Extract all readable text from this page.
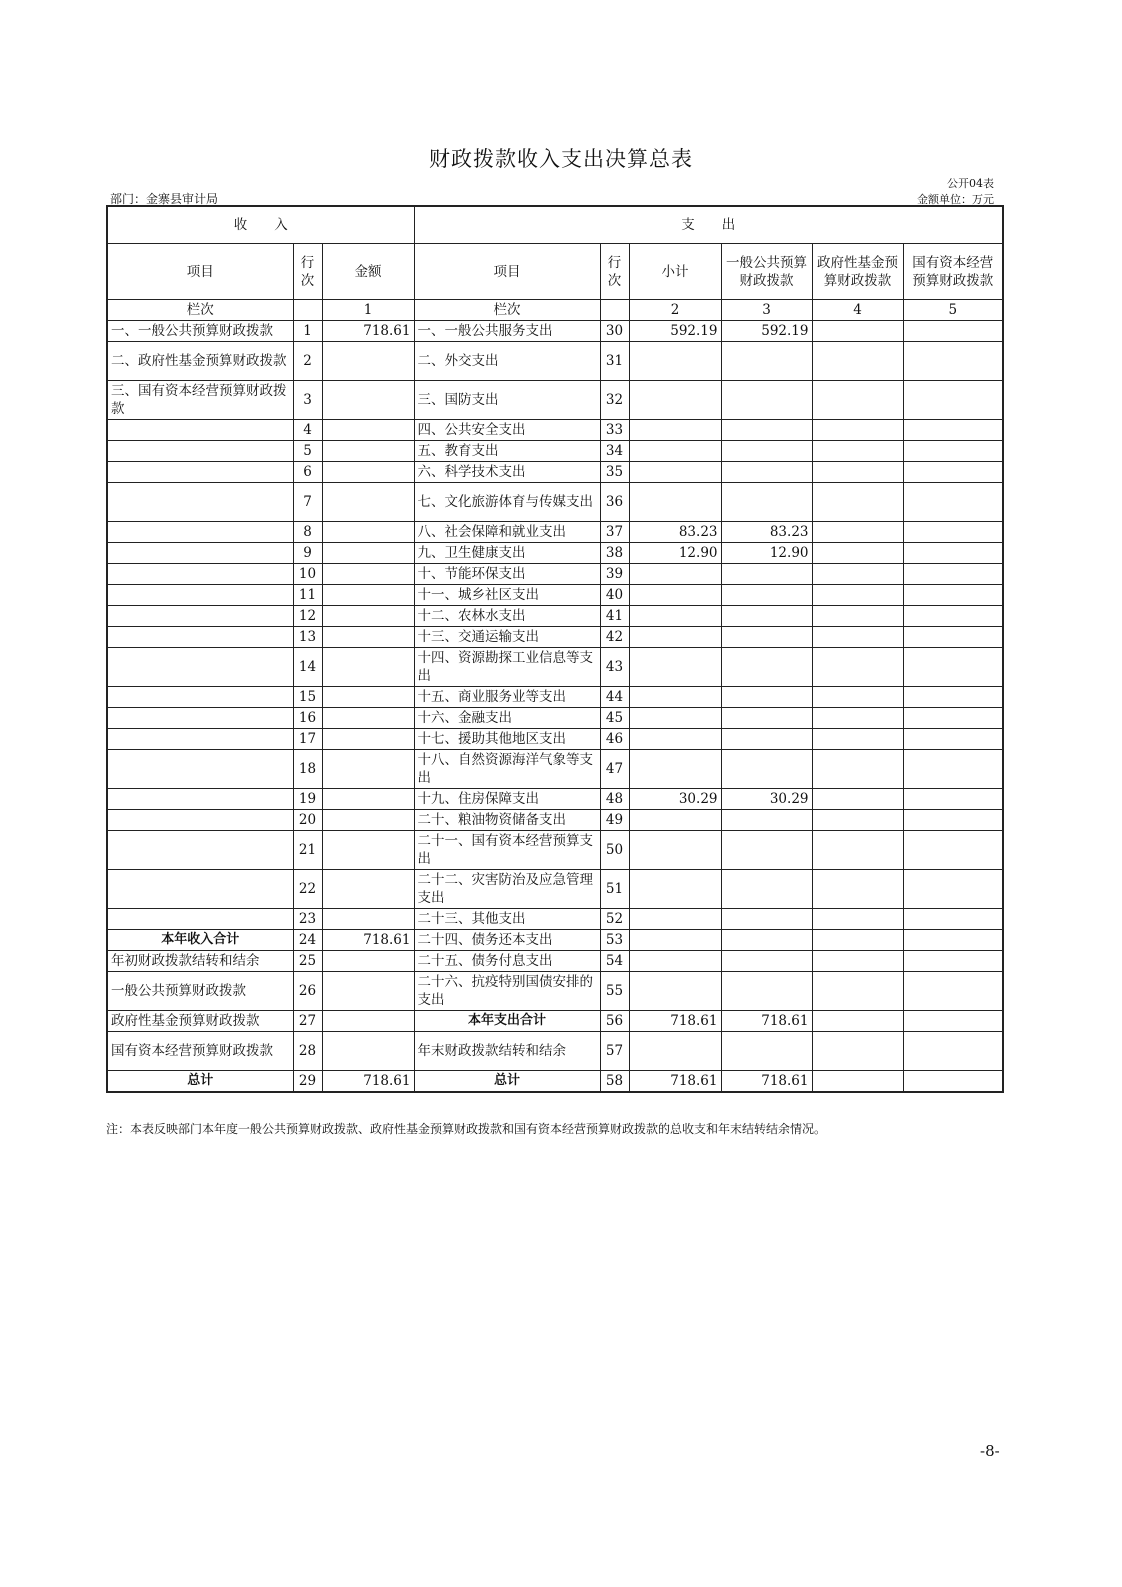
财政拨款收入支出决算总表
公开04表
部门：金寨县审计局	金额单位：万元
收　　入			支　　出					
项目	行次	金额	项目	行次	小计	一般公共预算财政拨款	政府性基金预算财政拨款	国有资本经营预算财政拨款
栏次		1	栏次		2	3	4	5
一、一般公共预算财政拨款	1	718.61	一、一般公共服务支出	30	592.19	592.19		
二、政府性基金预算财政拨款	2		二、外交支出	31				
三、国有资本经营预算财政拨款	3		三、国防支出	32				
	4		四、公共安全支出	33				
	5		五、教育支出	34				
	6		六、科学技术支出	35				
	7		七、文化旅游体育与传媒支出	36				
	8		八、社会保障和就业支出	37	83.23	83.23		
	9		九、卫生健康支出	38	12.90	12.90		
	10		十、节能环保支出	39				
	11		十一、城乡社区支出	40				
	12		十二、农林水支出	41				
	13		十三、交通运输支出	42				
	14		十四、资源勘探工业信息等支出	43				
	15		十五、商业服务业等支出	44				
	16		十六、金融支出	45				
	17		十七、援助其他地区支出	46				
	18		十八、自然资源海洋气象等支出	47				
	19		十九、住房保障支出	48	30.29	30.29		
	20		二十、粮油物资储备支出	49				
	21		二十一、国有资本经营预算支出	50				
	22		二十二、灾害防治及应急管理支出	51				
	23		二十三、其他支出	52				
本年收入合计	24	718.61	二十四、债务还本支出	53				
年初财政拨款结转和结余	25		二十五、债务付息支出	54				
一般公共预算财政拨款	26		二十六、抗疫特别国债安排的支出	55				
政府性基金预算财政拨款	27		本年支出合计	56	718.61	718.61		
国有资本经营预算财政拨款	28		年末财政拨款结转和结余	57				
总计	29	718.61	总计	58	718.61	718.61		
注：本表反映部门本年度一般公共预算财政拨款、政府性基金预算财政拨款和国有资本经营预算财政拨款的总收支和年末结转结余情况。
-8-
